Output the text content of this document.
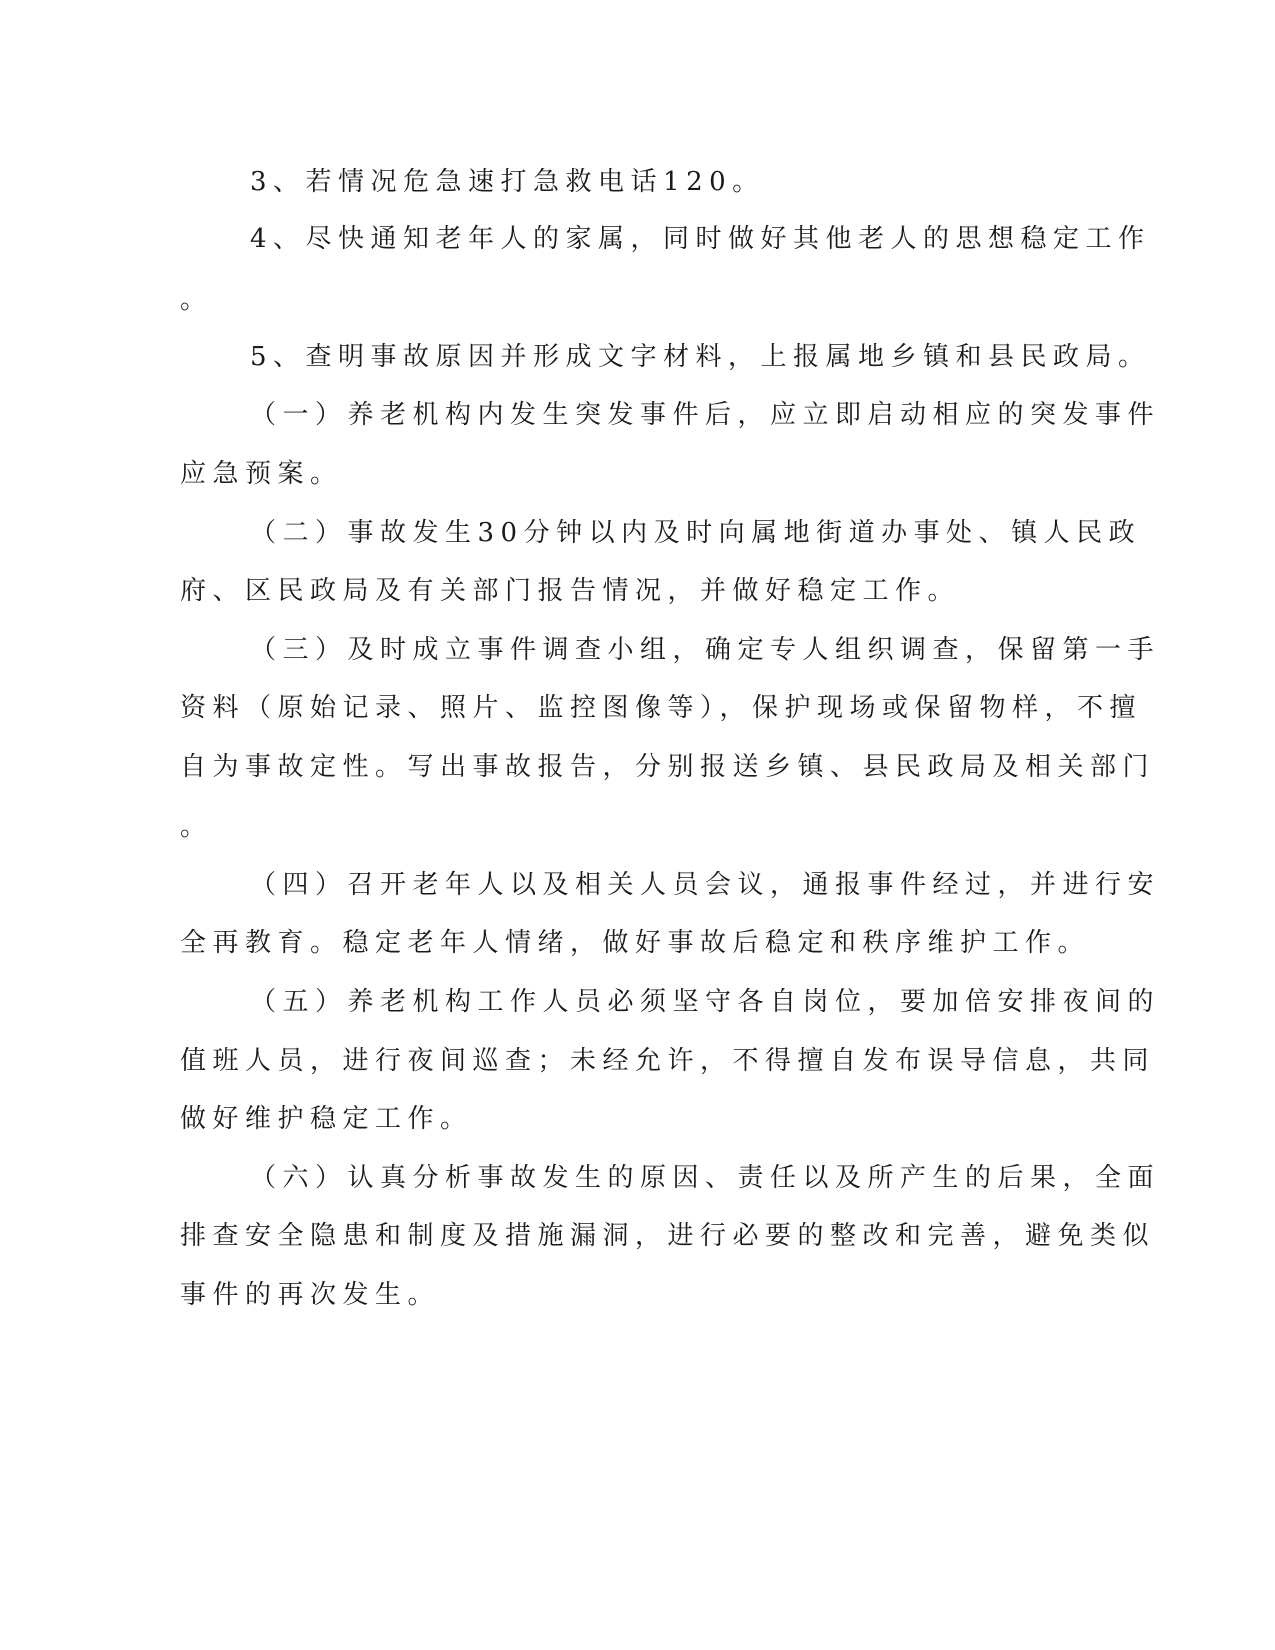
3、若情况危急速打急救电话120。
4、尽快通知老年人的家属，同时做好其他老人的思想稳定工作
。
5、查明事故原因并形成文字材料，上报属地乡镇和县民政局。
（一）养老机构内发生突发事件后，应立即启动相应的突发事件
应急预案。
（二）事故发生30分钟以内及时向属地街道办事处、镇人民政
府、区民政局及有关部门报告情况，并做好稳定工作。
（三）及时成立事件调查小组，确定专人组织调查，保留第一手
资料（原始记录、照片、监控图像等），保护现场或保留物样，不擅
自为事故定性。写出事故报告，分别报送乡镇、县民政局及相关部门
。
（四）召开老年人以及相关人员会议，通报事件经过，并进行安
全再教育。稳定老年人情绪，做好事故后稳定和秩序维护工作。
（五）养老机构工作人员必须坚守各自岗位，要加倍安排夜间的
值班人员，进行夜间巡查；未经允许，不得擅自发布误导信息，共同
做好维护稳定工作。
（六）认真分析事故发生的原因、责任以及所产生的后果，全面
排查安全隐患和制度及措施漏洞，进行必要的整改和完善，避免类似
事件的再次发生。
